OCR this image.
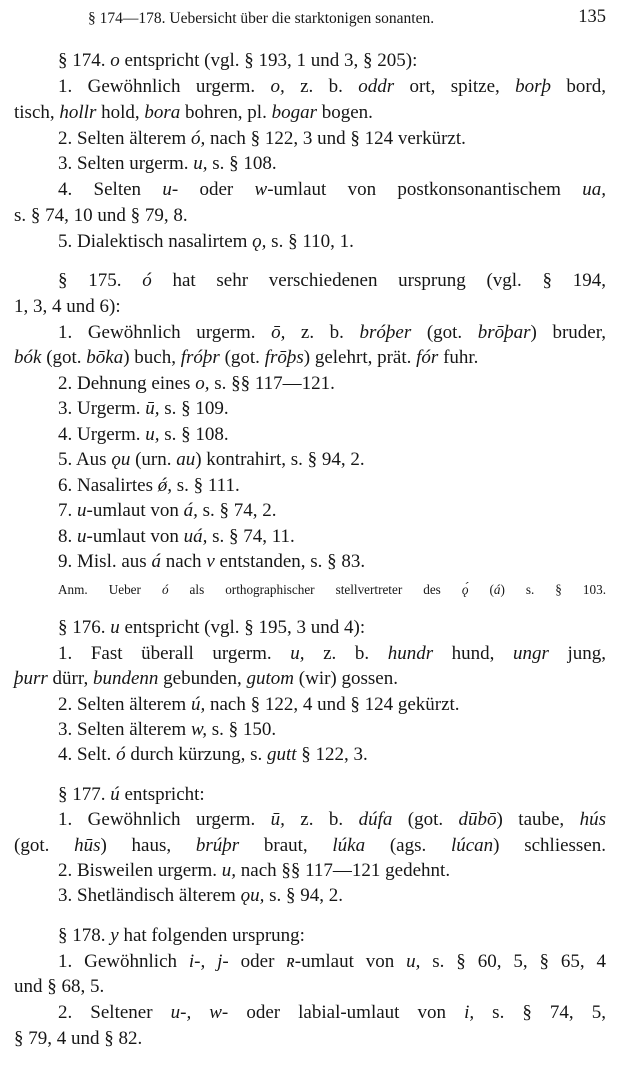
§ 174—178. Uebersicht über die starktonigen sonanten.	135
§ 174. o entspricht (vgl. § 193, 1 und 3, § 205):
1. Gewöhnlich urgerm. o, z. b. oddr ort, spitze, borþ bord,
tisch, hollr hold, bora bohren, pl. bogar bogen.
2. Selten älterem ó, nach § 122, 3 und § 124 verkürzt.
3. Selten urgerm. u, s. § 108.
4. Selten u- oder w-umlaut von postkonsonantischem ua,
s. § 74, 10 und § 79, 8.
5. Dialektisch nasalirtem ǫ, s. § 110, 1.
§ 175. ó hat sehr verschiedenen ursprung (vgl. § 194,
1, 3, 4 und 6):
1. Gewöhnlich urgerm. ō, z. b. bróþer (got. brōþar) bruder,
bók (got. bōka) buch, fróþr (got. frōþs) gelehrt, prät. fór fuhr.
2. Dehnung eines o, s. §§ 117—121.
3. Urgerm. ū, s. § 109.
4. Urgerm. u, s. § 108.
5. Aus ǫu (urn. au) kontrahirt, s. § 94, 2.
6. Nasalirtes ǿ, s. § 111.
7. u-umlaut von á, s. § 74, 2.
8. u-umlaut von uá, s. § 74, 11.
9. Misl. aus á nach v entstanden, s. § 83.
Anm. Ueber ó als orthographischer stellvertreter des ǫ́ (á) s. § 103.
§ 176. u entspricht (vgl. § 195, 3 und 4):
1. Fast überall urgerm. u, z. b. hundr hund, ungr jung,
þurr dürr, bundenn gebunden, gutom (wir) gossen.
2. Selten älterem ú, nach § 122, 4 und § 124 gekürzt.
3. Selten älterem w, s. § 150.
4. Selt. ó durch kürzung, s. gutt § 122, 3.
§ 177. ú entspricht:
1. Gewöhnlich urgerm. ū, z. b. dúfa (got. dūbō) taube, hús
(got. hūs) haus, brúþr braut, lúka (ags. lúcan) schliessen.
2. Bisweilen urgerm. u, nach §§ 117—121 gedehnt.
3. Shetländisch älterem ǫu, s. § 94, 2.
§ 178. y hat folgenden ursprung:
1. Gewöhnlich i-, j- oder ʀ-umlaut von u, s. § 60, 5, § 65, 4
und § 68, 5.
2. Seltener u-, w- oder labial-umlaut von i, s. § 74, 5,
§ 79, 4 und § 82.
